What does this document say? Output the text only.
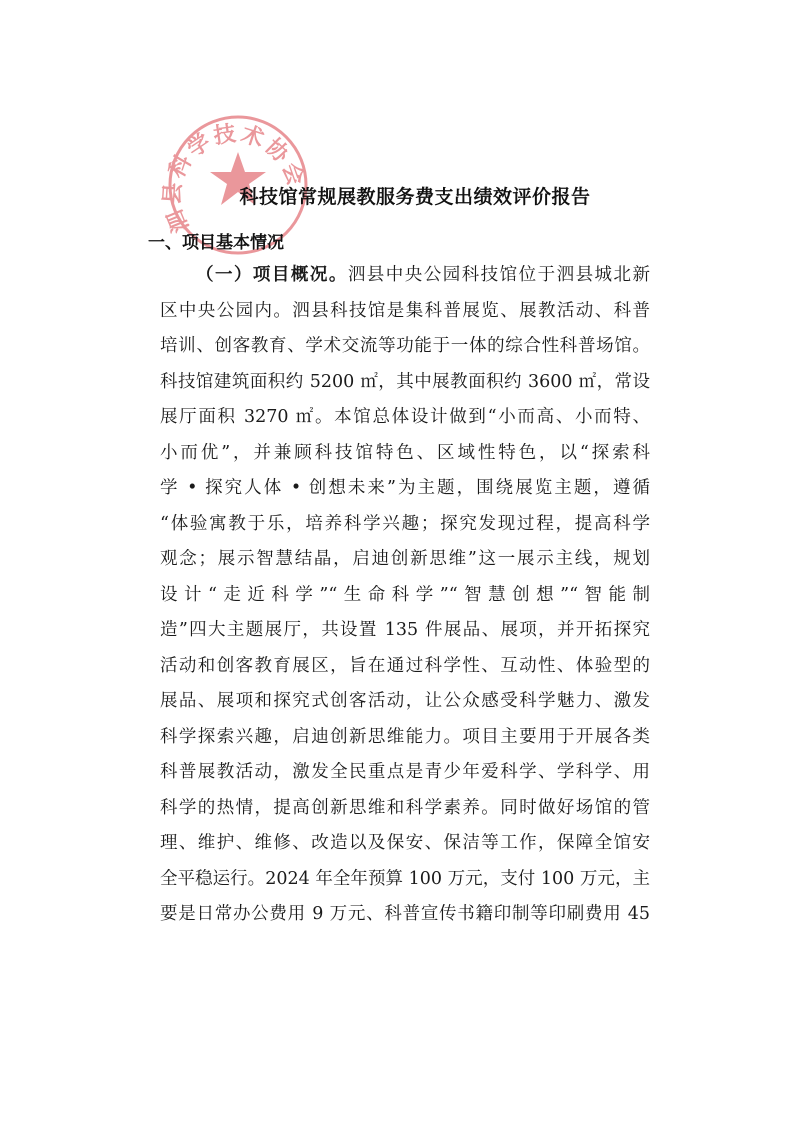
泗县科学技术协会
科技馆常规展教服务费支出绩效评价报告
一、项目基本情况
（一）项目概况。泗县中央公园科技馆位于泗县城北新
区中央公园内。泗县科技馆是集科普展览、展教活动、科普
培训、创客教育、学术交流等功能于一体的综合性科普场馆。
科技馆建筑面积约 5200 ㎡，其中展教面积约 3600 ㎡，常设
展厅面积 3270 ㎡。本馆总体设计做到“小而高、小而特、
小而优”，并兼顾科技馆特色、区域性特色，以“探索科
学 • 探究人体 • 创想未来”为主题，围绕展览主题，遵循
“体验寓教于乐，培养科学兴趣；探究发现过程，提高科学
观念；展示智慧结晶，启迪创新思维”这一展示主线，规划
设计“走近科学”“生命科学”“智慧创想”“智能制
造”四大主题展厅，共设置 135 件展品、展项，并开拓探究
活动和创客教育展区，旨在通过科学性、互动性、体验型的
展品、展项和探究式创客活动，让公众感受科学魅力、激发
科学探索兴趣，启迪创新思维能力。项目主要用于开展各类
科普展教活动，激发全民重点是青少年爱科学、学科学、用
科学的热情，提高创新思维和科学素养。同时做好场馆的管
理、维护、维修、改造以及保安、保洁等工作，保障全馆安
全平稳运行。2024 年全年预算 100 万元，支付 100 万元，主
要是日常办公费用 9 万元、科普宣传书籍印制等印刷费用 45
